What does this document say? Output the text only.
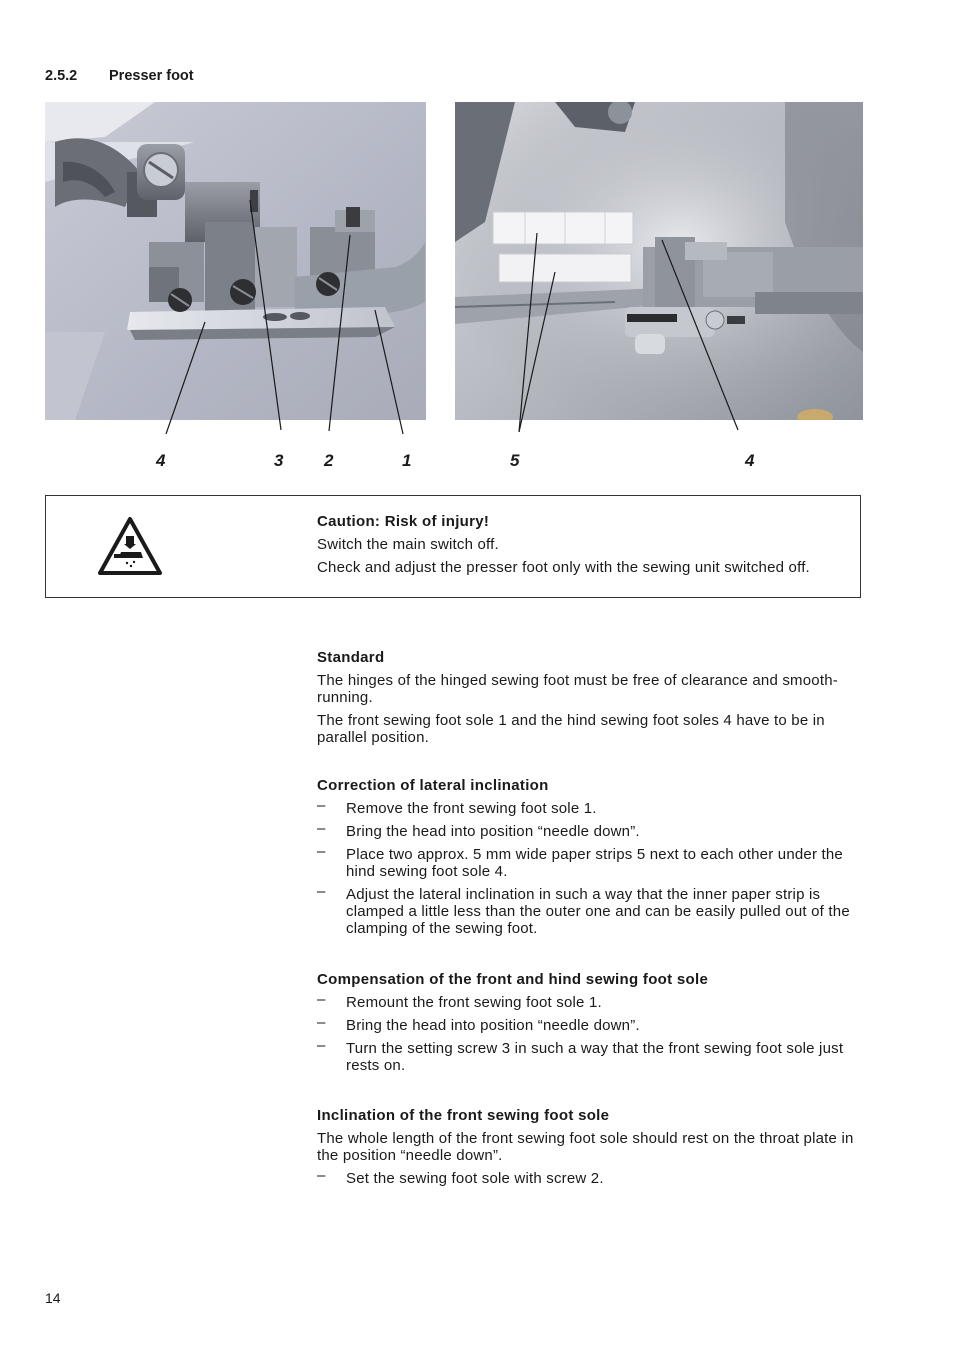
2.5.2 Presser foot
4	3 2	1	5	4
Caution: Risk of injury!

Switch the main switch off.

Check and adjust the presser foot only with the sewing unit switched off.

Standard

The hinges of the hinged sewing foot must be free of clearance and smooth-running.

The front sewing foot sole 1 and the hind sewing foot soles 4 have to be in parallel position.

Correction of lateral inclination
– Remove the front sewing foot sole 1.
– Bring the head into position “needle down”.
– Place two approx. 5 mm wide paper strips 5 next to each other under the hind sewing foot sole 4.
– Adjust the lateral inclination in such a way that the inner paper strip is clamped a little less than the outer one and can be easily pulled out of the clamping of the sewing foot.
Compensation of the front and hind sewing foot sole
– Remount the front sewing foot sole 1.
– Bring the head into position “needle down”.
– Turn the setting screw 3 in such a way that the front sewing foot sole just rests on.
Inclination of the front sewing foot sole

The whole length of the front sewing foot sole should rest on the throat plate in the position “needle down”.

– Set the sewing foot sole with screw 2.
14
